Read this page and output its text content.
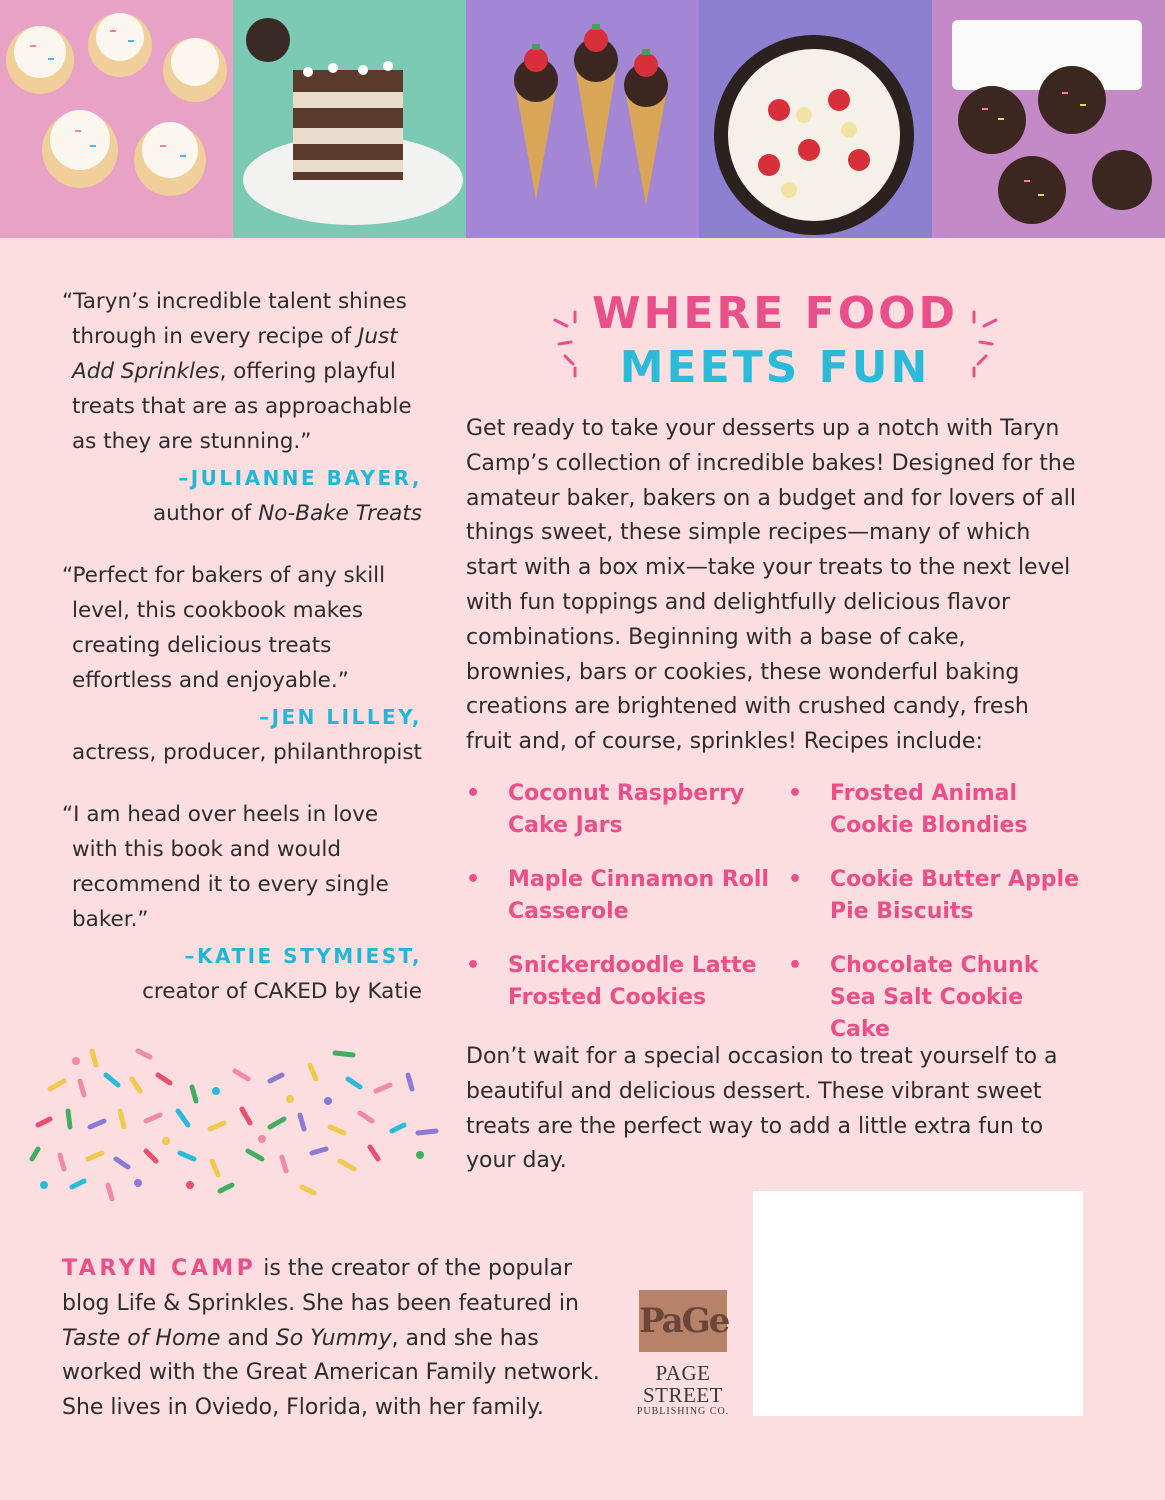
“Taryn’s incredible talent shines through in every recipe of Just Add Sprinkles, offering playful treats that are as approachable as they are stunning.”

–JULIANNE BAYER,
author of No-Bake Treats

“Perfect for bakers of any skill level, this cookbook makes creating delicious treats effortless and enjoyable.”

–JEN LILLEY,
actress, producer, philanthropist

“I am head over heels in love with this book and would recommend it to every single baker.”

–KATIE STYMIEST,
creator of CAKED by Katie
WHERE FOOD
MEETS FUN

Get ready to take your desserts up a notch with Taryn Camp’s collection of incredible bakes! Designed for the amateur baker, bakers on a budget and for lovers of all things sweet, these simple recipes—many of which start with a box mix—take your treats to the next level with fun toppings and delightfully delicious flavor combinations. Beginning with a base of cake, brownies, bars or cookies, these wonderful baking creations are brightened with crushed candy, fresh fruit and, of course, sprinkles! Recipes include:

•	Coconut Raspberry Cake Jars
•	Frosted Animal Cookie Blondies
•	Maple Cinnamon Roll Casserole
•	Cookie Butter Apple Pie Biscuits
•	Snickerdoodle Latte Frosted Cookies
•	Chocolate Chunk Sea Salt Cookie Cake

Don’t wait for a special occasion to treat yourself to a beautiful and delicious dessert. These vibrant sweet treats are the perfect way to add a little extra fun to your day.

TARYN CAMP is the creator of the popular blog Life & Sprinkles. She has been featured in Taste of Home and So Yummy, and she has worked with the Great American Family network. She lives in Oviedo, Florida, with her family.

PaGe
PAGE STREET
PUBLISHING CO.
